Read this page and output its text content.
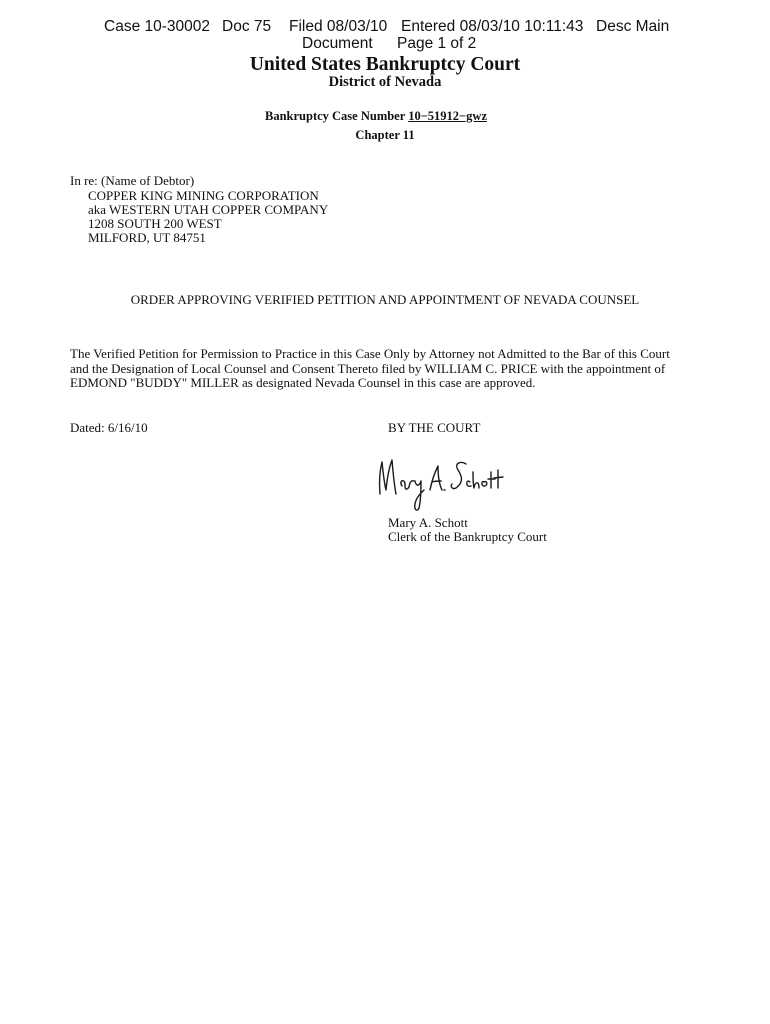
Case 10-30002 Doc 75 Filed 08/03/10 Entered 08/03/10 10:11:43 Desc Main
Document Page 1 of 2
United States Bankruptcy Court
District of Nevada
Bankruptcy Case Number 10−51912−gwz
Chapter 11
In re: (Name of Debtor)
COPPER KING MINING CORPORATION
aka WESTERN UTAH COPPER COMPANY
1208 SOUTH 200 WEST
MILFORD, UT 84751
ORDER APPROVING VERIFIED PETITION AND APPOINTMENT OF NEVADA COUNSEL
The Verified Petition for Permission to Practice in this Case Only by Attorney not Admitted to the Bar of this Court
and the Designation of Local Counsel and Consent Thereto filed by WILLIAM C. PRICE with the appointment of
EDMOND "BUDDY" MILLER as designated Nevada Counsel in this case are approved.
Dated: 6/16/10	BY THE COURT
Mary A. Schott
Clerk of the Bankruptcy Court
